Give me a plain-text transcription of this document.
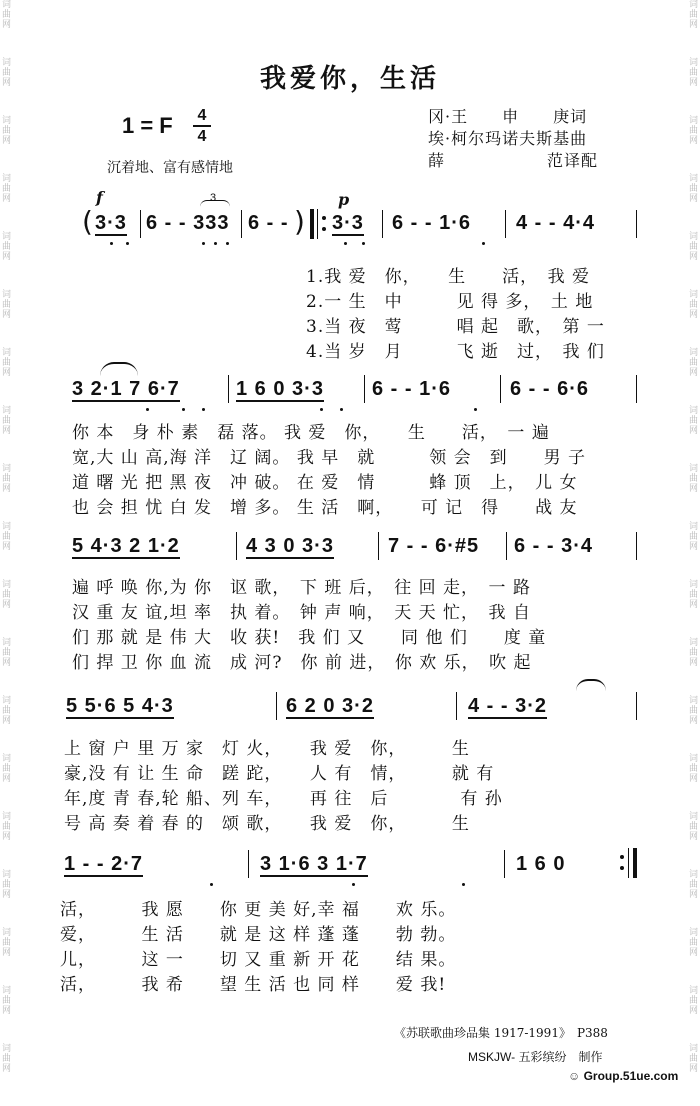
词
曲
网
词
曲
网
词
曲
网
词
曲
网
词
曲
网
词
曲
网
词
曲
网
词
曲
网
词
曲
网
词
曲
网
词
曲
网
词
曲
网
词
曲
网
词
曲
网
词
曲
网
词
曲
网
词
曲
网
词
曲
网
词
曲
网
词
曲
网
词
曲
网
词
曲
网
词
曲
网
词
曲
网
词
曲
网
词
曲
网
词
曲
网
词
曲
网
词
曲
网
词
曲
网
词
曲
网
词
曲
网
词
曲
网
词
曲
网
词
曲
网
词
曲
网
词
曲
网
词
曲
网
我爱你，生活
1 = F 4
4
沉着地、富有感情地
冈·王　　申　　庚词
埃·柯尔玛诺夫斯基曲
薛　　　　　　范译配
f	p
( 3·3 6 - - 333
3
6 - - ) 3·3 6 - - 1·6 4 - - 4·4
1.我 爱　你，　　生　　活，　我 爱
2.一 生　中　　　见 得 多，　土 地
3.当 夜　莺　　　唱 起　歌，　第 一
4.当 岁　月　　　飞 逝　过，　我 们
3 2·1 7 6·7	1 6 0 3·3 6 - - 1·6	6 - - 6·6
你 本　身 朴 素　磊 落。 我 爱　你，　　生　　活，　一 遍
宽,大 山 高,海 洋　辽 阔。 我 早　就　　　领 会　到　　男 子
道 曙 光 把 黑 夜　冲 破。 在 爱　情　　　蜂 顶　上，　儿 女
也 会 担 忧 白 发　增 多。 生 活　啊，　　可 记　得　　战 友
5 4·3 2 1·2	4 3 0 3·3	7 - - 6·#5 6 - - 3·4
遍 呼 唤 你,为 你　讴 歌，　下 班 后，　往 回 走，　一 路
汉 重 友 谊,坦 率　执 着。　钟 声 响，　天 天 忙，　我 自
们 那 就 是 伟 大　收 获!　我 们 又　　同 他 们　　度 童
们 捍 卫 你 血 流　成 河?　你 前 进，　你 欢 乐，　吹 起
5 5·6 5 4·3	6 2 0 3·2	4 - - 3·2
上 窗 户 里 万 家　灯 火，　　我 爱　你，　　　生
豪,没 有 让 生 命　蹉 跎，　　人 有　情，　　　就 有
年,度 青 春,轮 船、列 车，　　再 往　后　　　　有 孙
号 高 奏 着 春 的　颂 歌，　　我 爱　你，　　　生
1 - - 2·7	3 1·6 3 1·7	1 6 0
活，　　　我 愿　　你 更 美 好,幸 福　　欢 乐。
爱，　　　生 活　　就 是 这 样 蓬 蓬　　勃 勃。
儿，　　　这 一　　切 又 重 新 开 花　　结 果。
活，　　　我 希　　望 生 活 也 同 样　　爱 我!
《苏联歌曲珍品集 1917-1991》　P388
MSKJW- 五彩缤纷　制作
☺ Group.51ue.com
